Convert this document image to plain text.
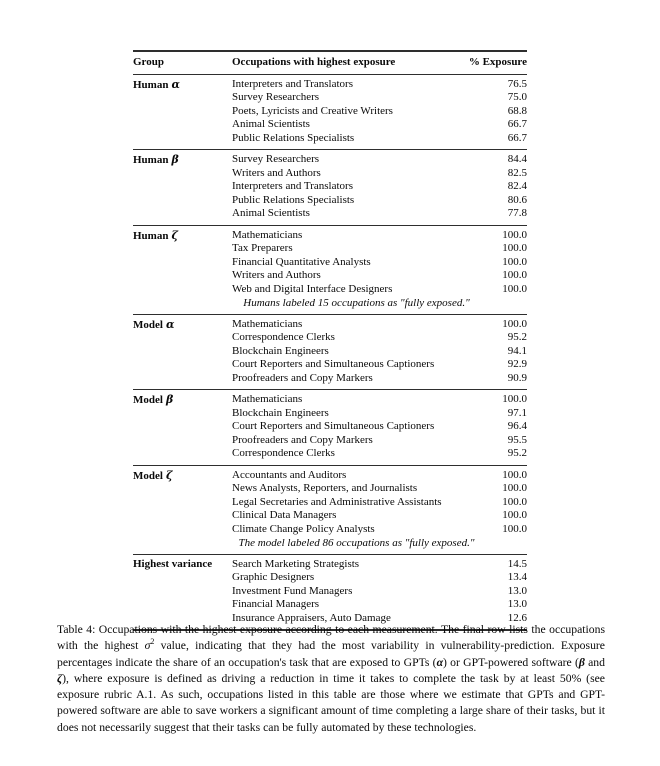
Group	Occupations with highest exposure	% Exposure
Human α	Interpreters and Translators	76.5
Survey Researchers	75.0
Poets, Lyricists and Creative Writers	68.8
Animal Scientists	66.7
Public Relations Specialists	66.7
Human β	Survey Researchers	84.4
Writers and Authors	82.5
Interpreters and Translators	82.4
Public Relations Specialists	80.6
Animal Scientists	77.8
Human ζ	Mathematicians	100.0
Tax Preparers	100.0
Financial Quantitative Analysts	100.0
Writers and Authors	100.0
Web and Digital Interface Designers	100.0
Humans labeled 15 occupations as "fully exposed."
Model α	Mathematicians	100.0
Correspondence Clerks	95.2
Blockchain Engineers	94.1
Court Reporters and Simultaneous Captioners	92.9
Proofreaders and Copy Markers	90.9
Model β	Mathematicians	100.0
Blockchain Engineers	97.1
Court Reporters and Simultaneous Captioners	96.4
Proofreaders and Copy Markers	95.5
Correspondence Clerks	95.2
Model ζ	Accountants and Auditors	100.0
News Analysts, Reporters, and Journalists	100.0
Legal Secretaries and Administrative Assistants	100.0
Clinical Data Managers	100.0
Climate Change Policy Analysts	100.0
The model labeled 86 occupations as "fully exposed."
Highest variance	Search Marketing Strategists	14.5
Graphic Designers	13.4
Investment Fund Managers	13.0
Financial Managers	13.0
Insurance Appraisers, Auto Damage	12.6

Table 4: Occupations with the highest exposure according to each measurement. The final row lists the occupations with the highest $\sigma^2$ value, indicating that they had the most variability in vulnerability-prediction. Exposure percentages indicate the share of an occupation's task that are exposed to GPTs (α) or GPT-powered software (β and ζ), where exposure is defined as driving a reduction in time it takes to complete the task by at least 50% (see exposure rubric A.1. As such, occupations listed in this table are those where we estimate that GPTs and GPT-powered software are able to save workers a significant amount of time completing a large share of their tasks, but it does not necessarily suggest that their tasks can be fully automated by these technologies.
